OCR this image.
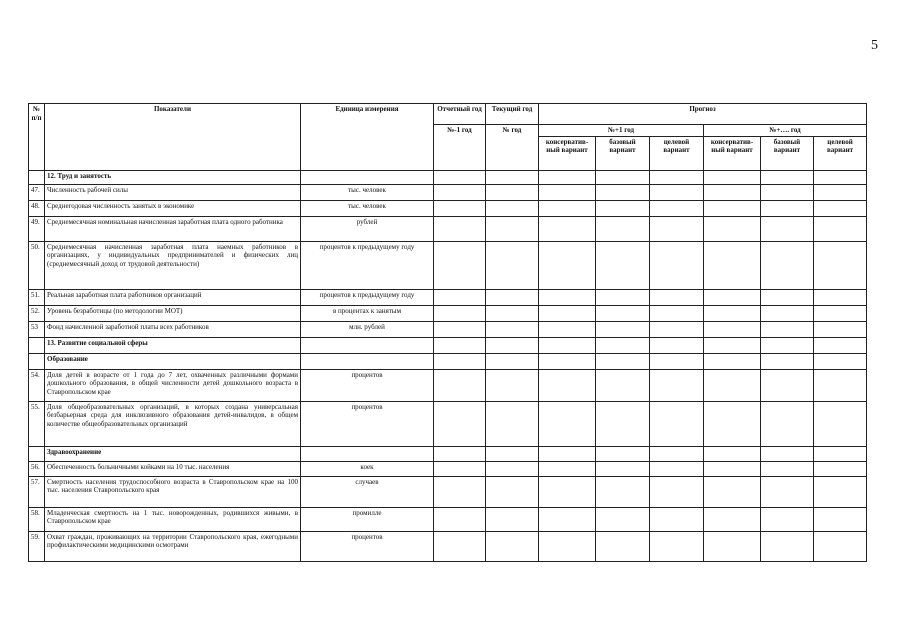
5
№ п/п	Показатели	Единица измерения	Отчетный год	Текущий год	Прогноз					
			№-1 год	№ год	№+1 год			№+…. год		
					консерватив-ный вариант	базовый вариант	целевой вариант	консерватив-ный вариант	базовый вариант	целевой вариант
	12. Труд и занятость									
47.	Численность рабочей силы	тыс. человек								
48.	Среднегодовая численность занятых в экономике	тыс. человек								
49.	Среднемесячная номинальная начисленная заработная плата одного работника	рублей								
50.	Среднемесячная начисленная заработная плата наемных работников в организациях, у индивидуальных предпринимателей и физических лиц (среднемесячный доход от трудовой деятельности)	процентов к предыдущему году								
51.	Реальная заработная плата работников организаций	процентов к предыдущему году								
52.	Уровень безработицы (по методологии МОТ)	в процентах к занятым								
53	Фонд начисленной заработной платы всех работников	млн. рублей								
	13. Развитие социальной сферы									
	Образование									
54.	Доля детей в возрасте от 1 года до 7 лет, охваченных различными формами дошкольного образования, в общей численности детей дошкольного возраста в Ставропольском крае	процентов								
55.	Доля общеобразовательных организаций, в которых создана универсальная безбарьерная среда для инклюзивного образования детей-инвалидов, в общем количестве общеобразовательных организаций	процентов								
	Здравоохранение									
56.	Обеспеченность больничными койками на 10 тыс. населения	коек								
57.	Смертность населения трудоспособного возраста в Ставропольском крае на 100 тыс. населения Ставропольского края	случаев								
58.	Младенческая смертность на 1 тыс. новорожденных, родившихся живыми, в Ставропольском крае	промилле								
59.	Охват граждан, проживающих на территории Ставропольского края, ежегодными профилактическими медицинскими осмотрами	процентов								
